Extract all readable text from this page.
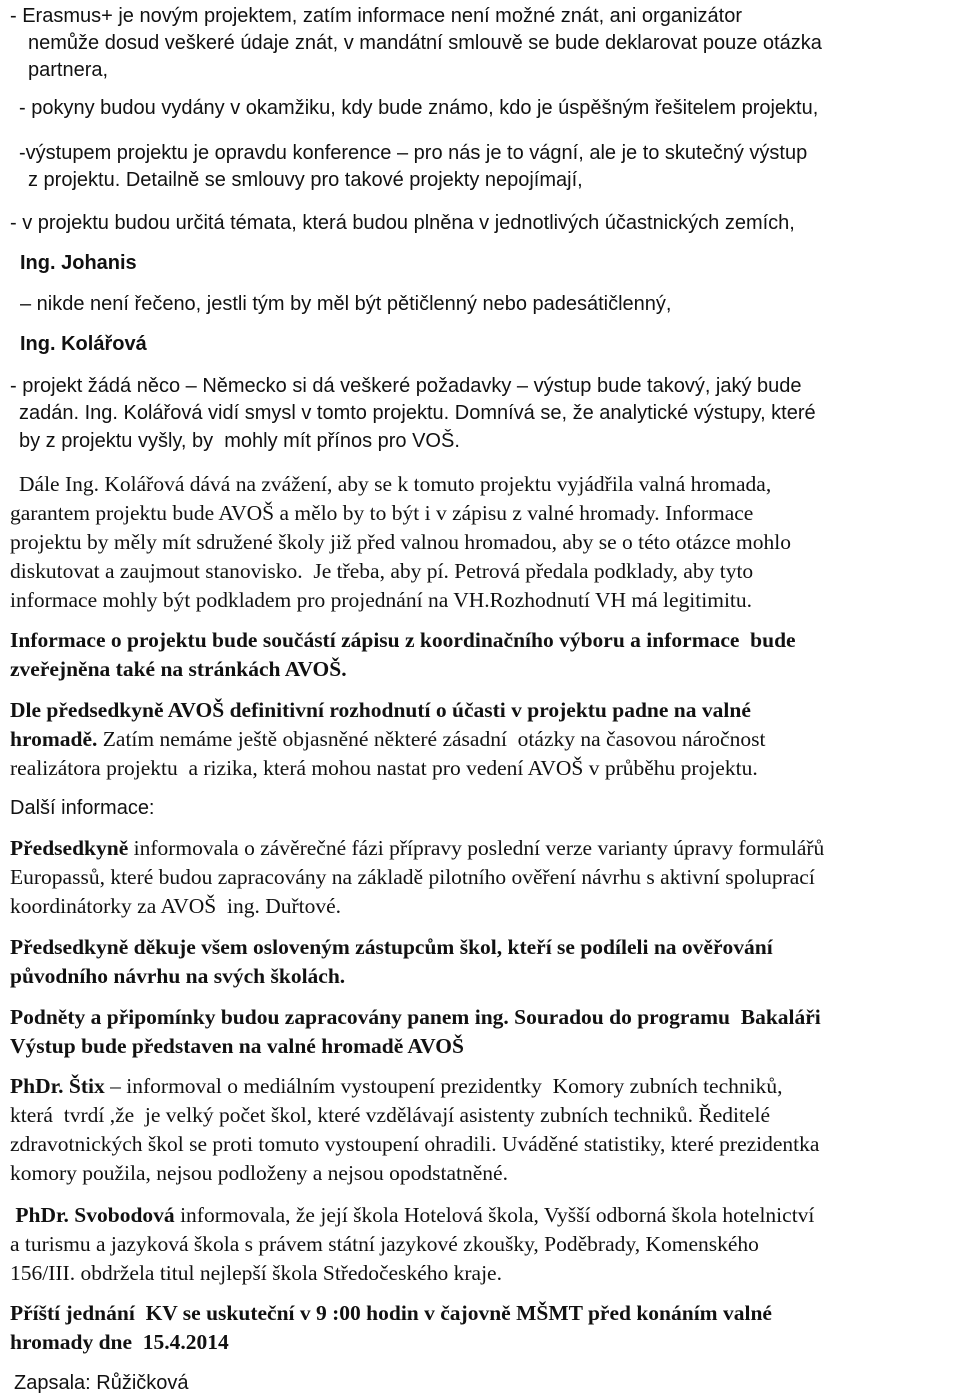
- Erasmus+ je novým projektem, zatím informace není možné znát, ani organizátor
nemůže dosud veškeré údaje znát, v mandátní smlouvě se bude deklarovat pouze otázka
partnera,
- pokyny budou vydány v okamžiku, kdy bude známo, kdo je úspěšným řešitelem projektu,
-výstupem projektu je opravdu konference – pro nás je to vágní, ale je to skutečný výstup
z projektu. Detailně se smlouvy pro takové projekty nepojímají,
- v projektu budou určitá témata, která budou plněna v jednotlivých účastnických zemích,
Ing. Johanis
– nikde není řečeno, jestli tým by měl být pětičlenný nebo padesátičlenný,
Ing. Kolářová
- projekt žádá něco – Německo si dá veškeré požadavky – výstup bude takový, jaký bude
zadán. Ing. Kolářová vidí smysl v tomto projektu. Domnívá se, že analytické výstupy, které
by z projektu vyšly, by  mohly mít přínos pro VOŠ.
Dále Ing. Kolářová dává na zvážení, aby se k tomuto projektu vyjádřila valná hromada,
garantem projektu bude AVOŠ a mělo by to být i v zápisu z valné hromady. Informace
projektu by měly mít sdružené školy již před valnou hromadou, aby se o této otázce mohlo
diskutovat a zaujmout stanovisko.  Je třeba, aby pí. Petrová předala podklady, aby tyto
informace mohly být podkladem pro projednání na VH.Rozhodnutí VH má legitimitu.
Informace o projektu bude součástí zápisu z koordinačního výboru a informace  bude
zveřejněna také na stránkách AVOŠ.
Dle předsedkyně AVOŠ definitivní rozhodnutí o účasti v projektu padne na valné
hromadě. Zatím nemáme ještě objasněné některé zásadní  otázky na časovou náročnost
realizátora projektu  a rizika, která mohou nastat pro vedení AVOŠ v průběhu projektu.
Další informace:
Předsedkyně informovala o závěrečné fázi přípravy poslední verze varianty úpravy formulářů
Europassů, které budou zapracovány na základě pilotního ověření návrhu s aktivní spoluprací
koordinátorky za AVOŠ  ing. Duřtové.
Předsedkyně děkuje všem osloveným zástupcům škol, kteří se podíleli na ověřování
původního návrhu na svých školách.
Podněty a připomínky budou zapracovány panem ing. Souradou do programu  Bakaláři
Výstup bude představen na valné hromadě AVOŠ
PhDr. Štix – informoval o mediálním vystoupení prezidentky  Komory zubních techniků,
která  tvrdí ,že  je velký počet škol, které vzdělávají asistenty zubních techniků. Ředitelé
zdravotnických škol se proti tomuto vystoupení ohradili. Uváděné statistiky, které prezidentka
komory použila, nejsou podloženy a nejsou opodstatněné.
PhDr. Svobodová informovala, že její škola Hotelová škola, Vyšší odborná škola hotelnictví
a turismu a jazyková škola s právem státní jazykové zkoušky, Poděbrady, Komenského
156/III. obdržela titul nejlepší škola Středočeského kraje.
Příští jednání  KV se uskuteční v 9 :00 hodin v čajovně MŠMT před konáním valné
hromady dne  15.4.2014
Zapsala: Růžičková
